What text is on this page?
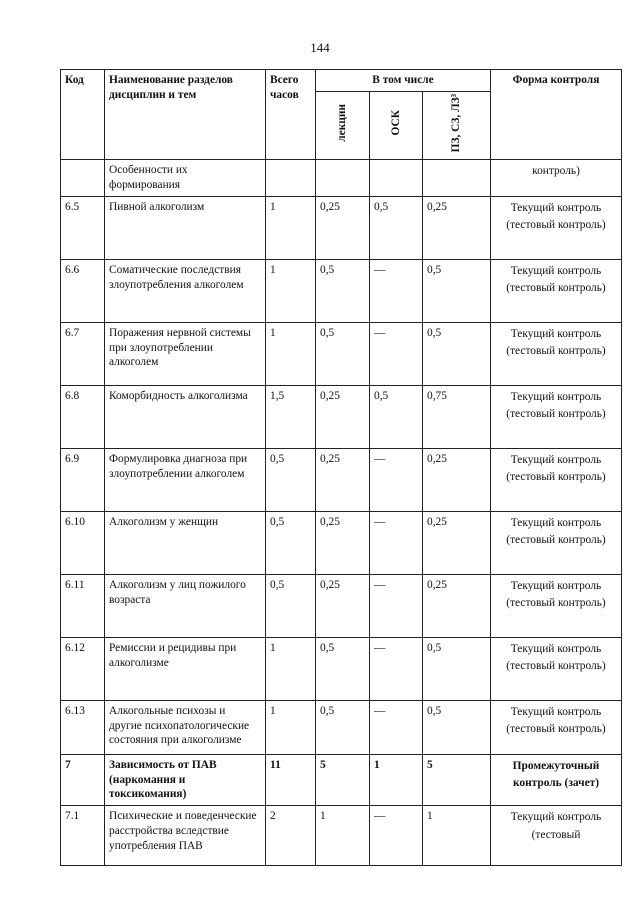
144
Код	Наименование разделов дисциплин и тем	Всего часов	В том числе			Форма контроля
			лекции	ОСК	ПЗ, СЗ, ЛЗ³	
	Особенности их формирования					контроль)
6.5	Пивной алкоголизм	1	0,25	0,5	0,25	Текущий контроль (тестовый контроль)
6.6	Соматические последствия злоупотребления алкоголем	1	0,5	—	0,5	Текущий контроль (тестовый контроль)
6.7	Поражения нервной системы при злоупотреблении алкоголем	1	0,5	—	0,5	Текущий контроль (тестовый контроль)
6.8	Коморбидность алкоголизма	1,5	0,25	0,5	0,75	Текущий контроль (тестовый контроль)
6.9	Формулировка диагноза при злоупотреблении алкоголем	0,5	0,25	—	0,25	Текущий контроль (тестовый контроль)
6.10	Алкоголизм у женщин	0,5	0,25	—	0,25	Текущий контроль (тестовый контроль)
6.11	Алкоголизм у лиц пожилого возраста	0,5	0,25	—	0,25	Текущий контроль (тестовый контроль)
6.12	Ремиссии и рецидивы при алкоголизме	1	0,5	—	0,5	Текущий контроль (тестовый контроль)
6.13	Алкогольные психозы и другие психопатологические состояния при алкоголизме	1	0,5	—	0,5	Текущий контроль (тестовый контроль)
7	Зависимость от ПАВ (наркомания и токсикомания)	11	5	1	5	Промежуточный контроль (зачет)
7.1	Психические и поведенческие расстройства вследствие употребления ПАВ	2	1	—	1	Текущий контроль (тестовый
